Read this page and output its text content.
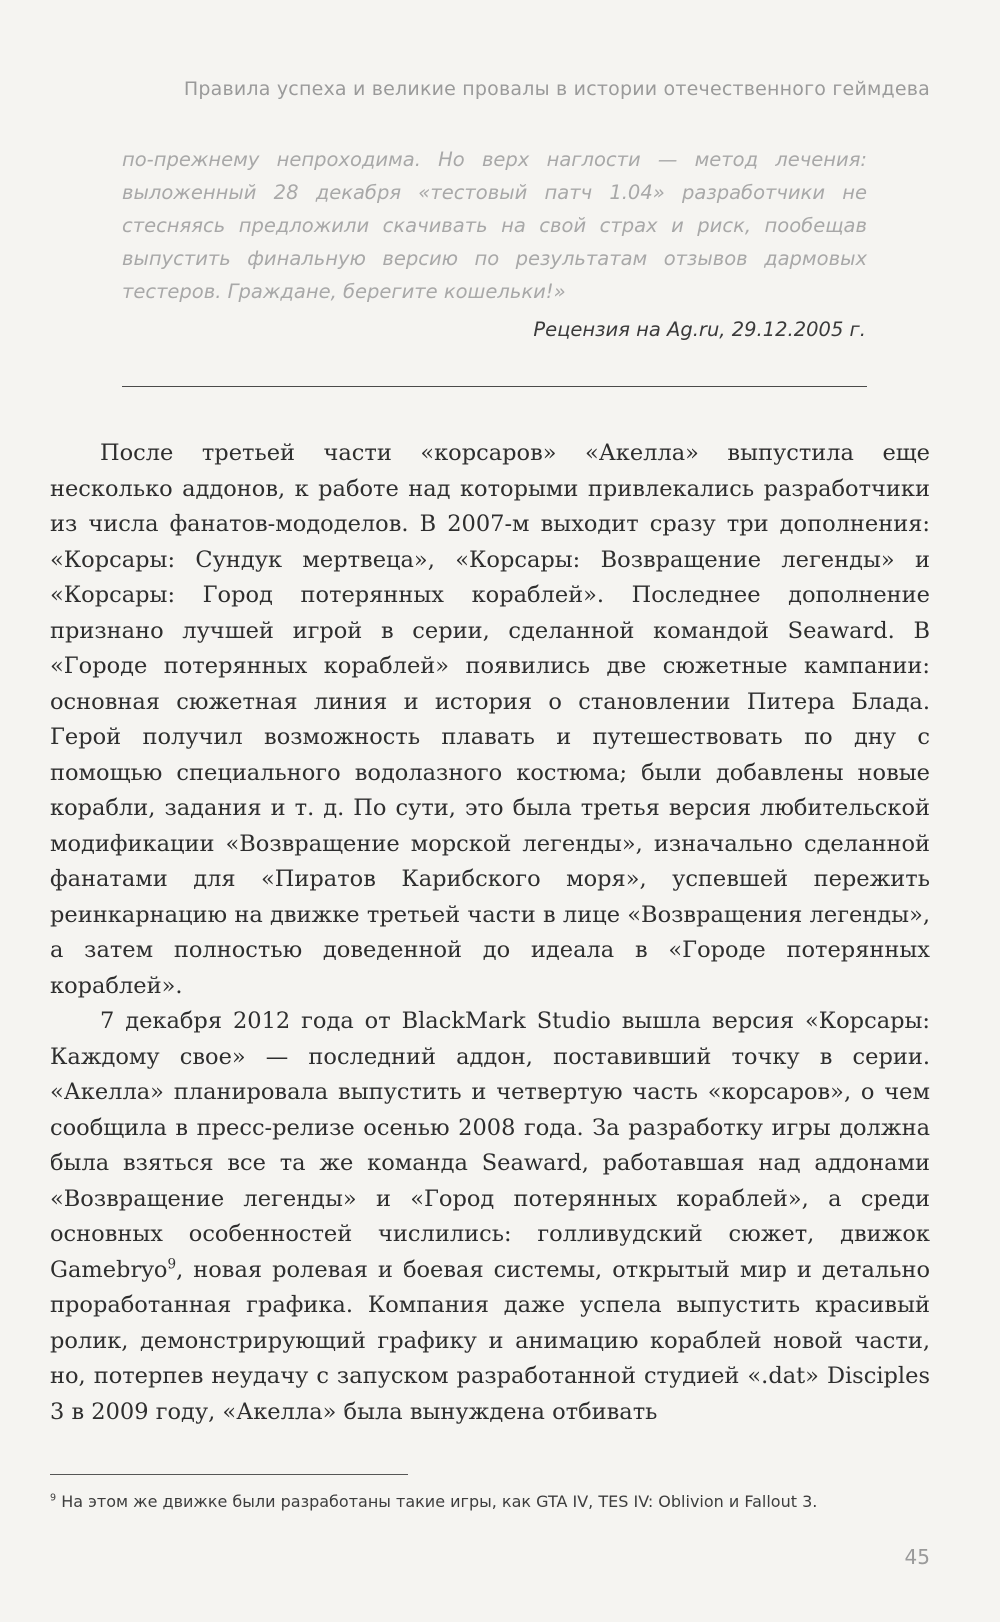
Правила успеха и великие провалы в истории отечественного геймдева

по-прежнему непроходима. Но верх наглости — метод лечения: выложенный 28 декабря «тестовый патч 1.04» разработчики не стесняясь предложили скачивать на свой страх и риск, пообещав выпустить финальную версию по результатам отзывов дармовых тестеров. Граждане, берегите кошельки!»

Рецензия на Ag.ru, 29.12.2005 г.

После третьей части «корсаров» «Акелла» выпустила еще несколько аддонов, к работе над которыми привлекались разработчики из числа фанатов-мододелов. В 2007-м выходит сразу три дополнения: «Корсары: Сундук мертвеца», «Корсары: Возвращение легенды» и «Корсары: Город потерянных кораблей». Последнее дополнение признано лучшей игрой в серии, сделанной командой Seaward. В «Городе потерянных кораблей» появились две сюжетные кампании: основная сюжетная линия и история о становлении Питера Блада. Герой получил возможность плавать и путешествовать по дну с помощью специального водолазного костюма; были добавлены новые корабли, задания и т. д. По сути, это была третья версия любительской модификации «Возвращение морской легенды», изначально сделанной фанатами для «Пиратов Карибского моря», успевшей пережить реинкарнацию на движке третьей части в лице «Возвращения легенды», а затем полностью доведенной до идеала в «Городе потерянных кораблей».

7 декабря 2012 года от BlackMark Studio вышла версия «Корсары: Каждому свое» — последний аддон, поставивший точку в серии. «Акелла» планировала выпустить и четвертую часть «корсаров», о чем сообщила в пресс-релизе осенью 2008 года. За разработку игры должна была взяться все та же команда Seaward, работавшая над аддонами «Возвращение легенды» и «Город потерянных кораблей», а среди основных особенностей числились: голливудский сюжет, движок Gamebryo$^9$, новая ролевая и боевая системы, открытый мир и детально проработанная графика. Компания даже успела выпустить красивый ролик, демонстрирующий графику и анимацию кораблей новой части, но, потерпев неудачу с запуском разработанной студией «.dat» Disciples 3 в 2009 году, «Акелла» была вынуждена отбивать

$^9$ На этом же движке были разработаны такие игры, как GTA IV, TES IV: Oblivion и Fallout 3.
45
